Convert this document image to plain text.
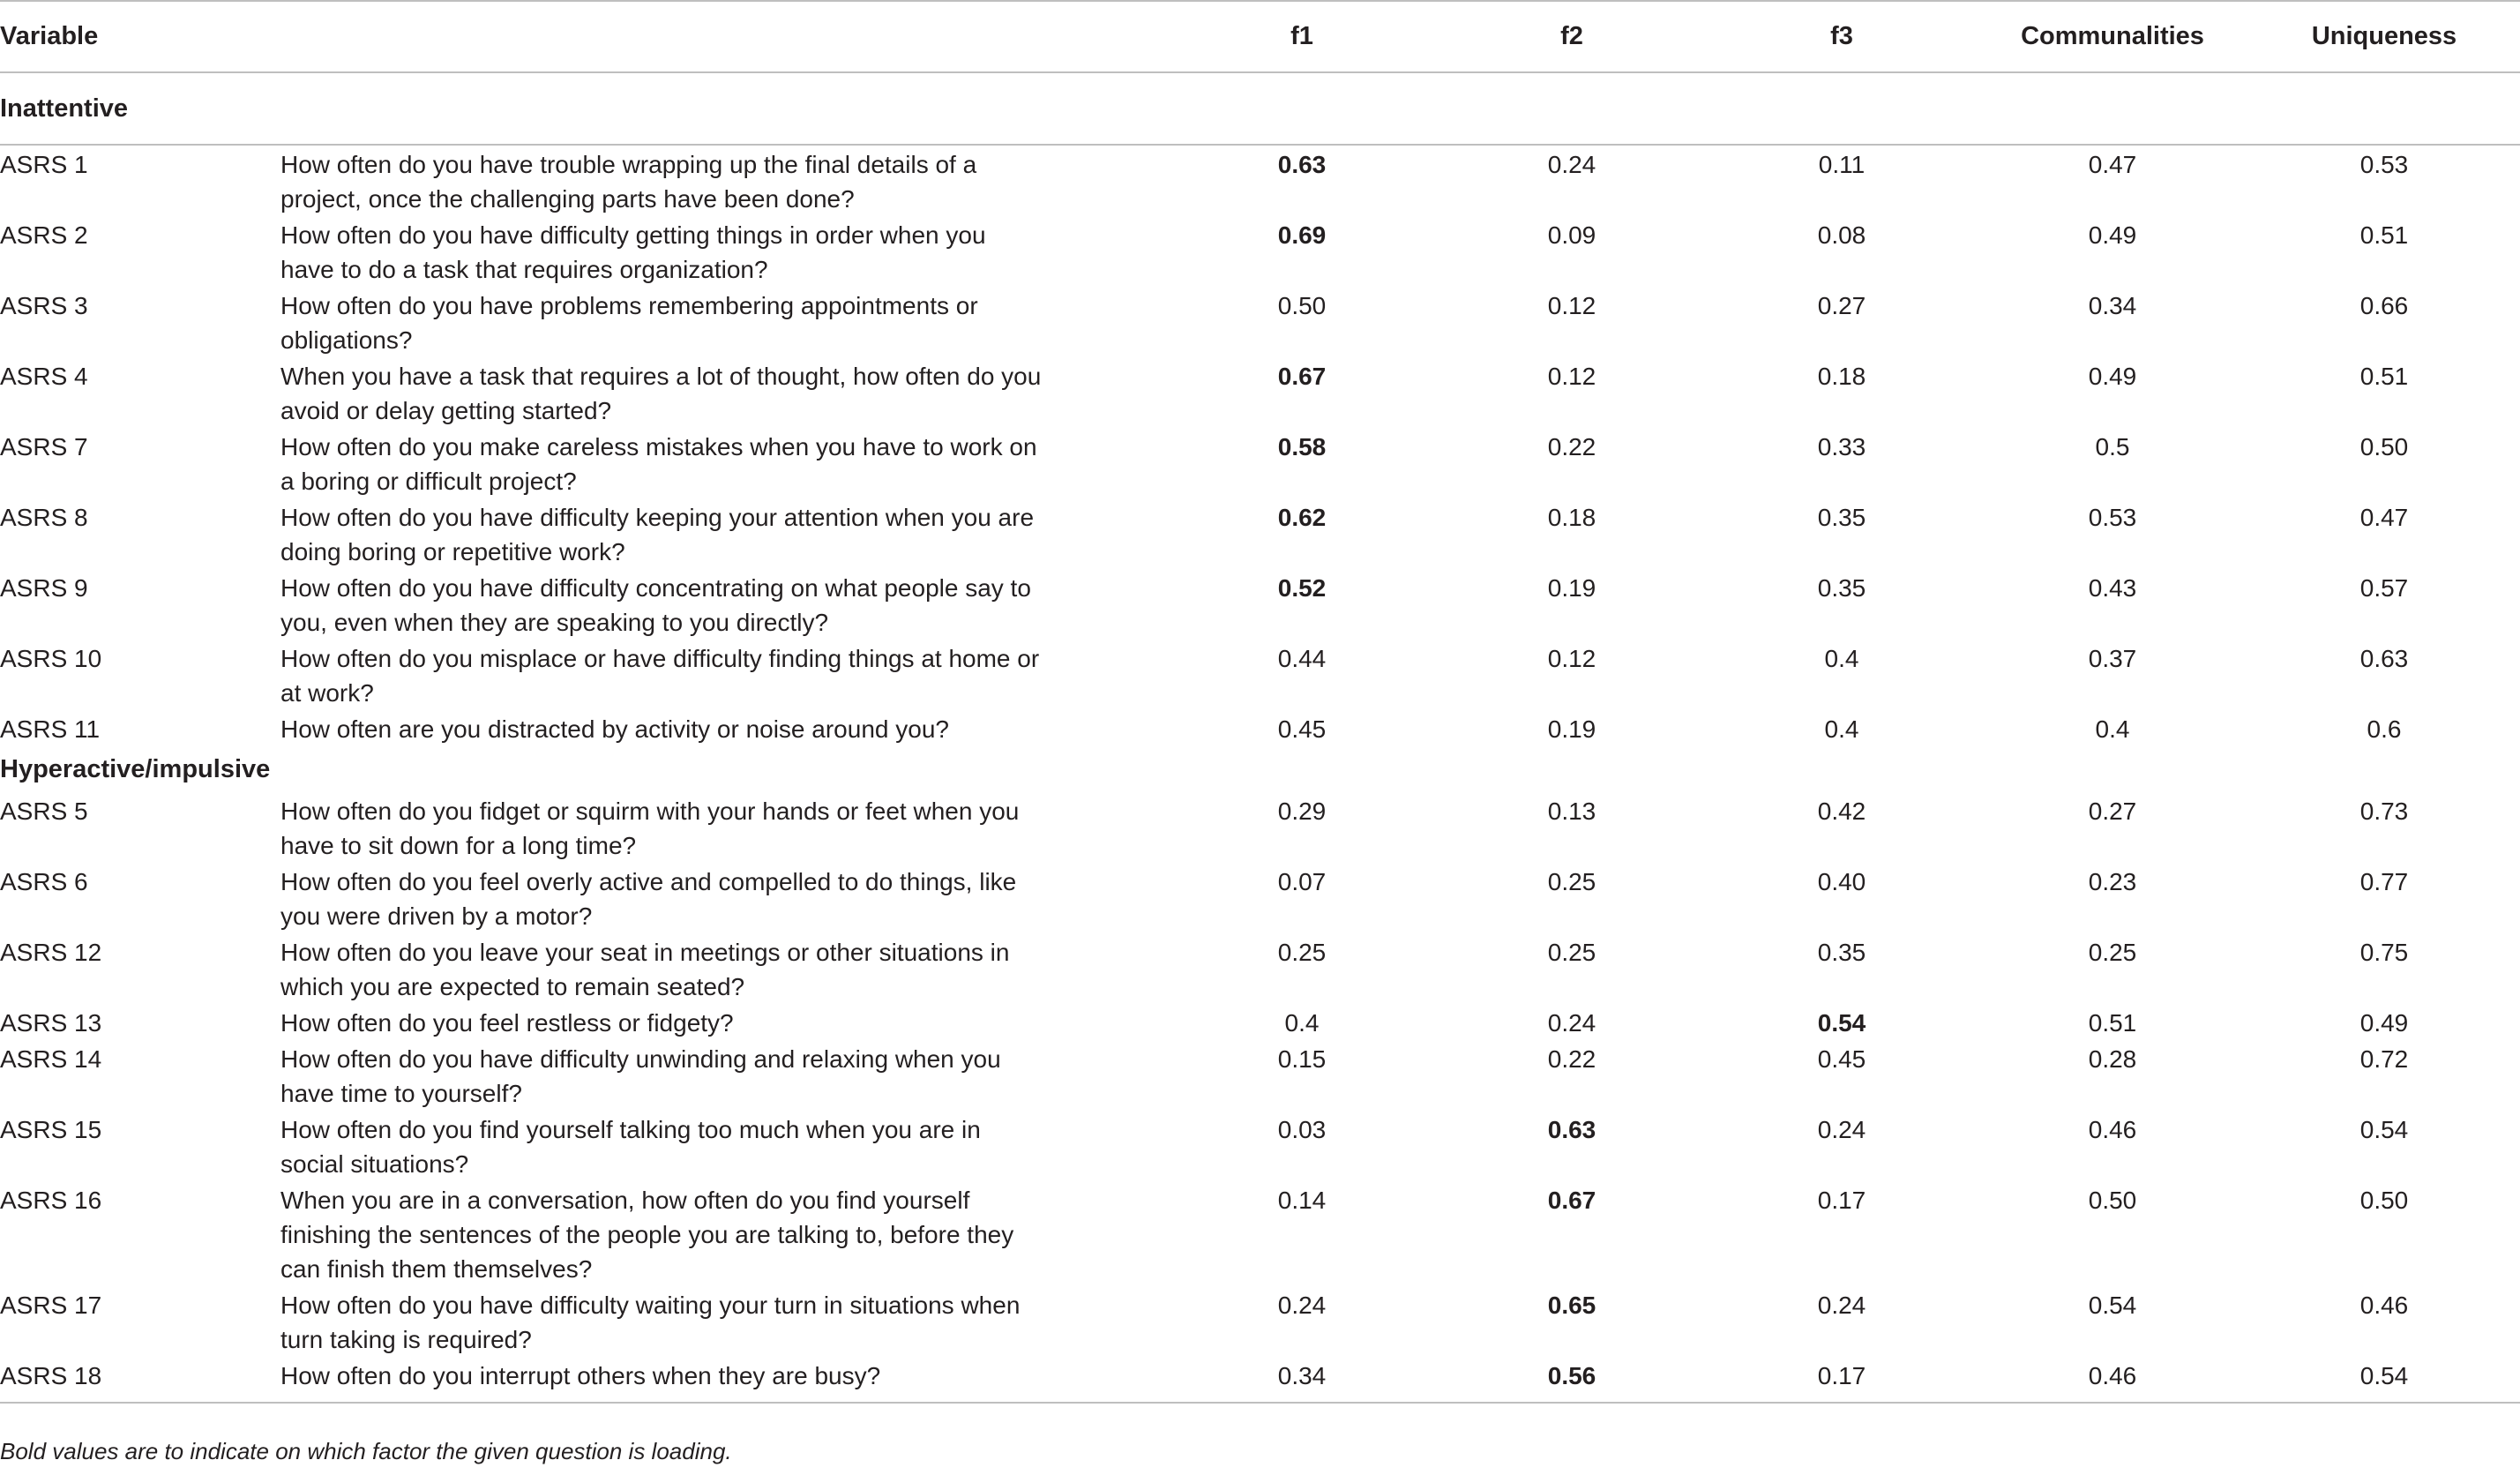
Variable		f1	f2	f3	Communalities	Uniqueness
Inattentive						
ASRS 1	How often do you have trouble wrapping up the final details of a project, once the challenging parts have been done?	0.63	0.24	0.11	0.47	0.53
ASRS 2	How often do you have difficulty getting things in order when you have to do a task that requires organization?	0.69	0.09	0.08	0.49	0.51
ASRS 3	How often do you have problems remembering appointments or obligations?	0.50	0.12	0.27	0.34	0.66
ASRS 4	When you have a task that requires a lot of thought, how often do you avoid or delay getting started?	0.67	0.12	0.18	0.49	0.51
ASRS 7	How often do you make careless mistakes when you have to work on a boring or difficult project?	0.58	0.22	0.33	0.5	0.50
ASRS 8	How often do you have difficulty keeping your attention when you are doing boring or repetitive work?	0.62	0.18	0.35	0.53	0.47
ASRS 9	How often do you have difficulty concentrating on what people say to you, even when they are speaking to you directly?	0.52	0.19	0.35	0.43	0.57
ASRS 10	How often do you misplace or have difficulty finding things at home or at work?	0.44	0.12	0.4	0.37	0.63
ASRS 11	How often are you distracted by activity or noise around you?	0.45	0.19	0.4	0.4	0.6
Hyperactive/impulsive						
ASRS 5	How often do you fidget or squirm with your hands or feet when you have to sit down for a long time?	0.29	0.13	0.42	0.27	0.73
ASRS 6	How often do you feel overly active and compelled to do things, like you were driven by a motor?	0.07	0.25	0.40	0.23	0.77
ASRS 12	How often do you leave your seat in meetings or other situations in which you are expected to remain seated?	0.25	0.25	0.35	0.25	0.75
ASRS 13	How often do you feel restless or fidgety?	0.4	0.24	0.54	0.51	0.49
ASRS 14	How often do you have difficulty unwinding and relaxing when you have time to yourself?	0.15	0.22	0.45	0.28	0.72
ASRS 15	How often do you find yourself talking too much when you are in social situations?	0.03	0.63	0.24	0.46	0.54
ASRS 16	When you are in a conversation, how often do you find yourself finishing the sentences of the people you are talking to, before they can finish them themselves?	0.14	0.67	0.17	0.50	0.50
ASRS 17	How often do you have difficulty waiting your turn in situations when turn taking is required?	0.24	0.65	0.24	0.54	0.46
ASRS 18	How often do you interrupt others when they are busy?	0.34	0.56	0.17	0.46	0.54
Bold values are to indicate on which factor the given question is loading.
